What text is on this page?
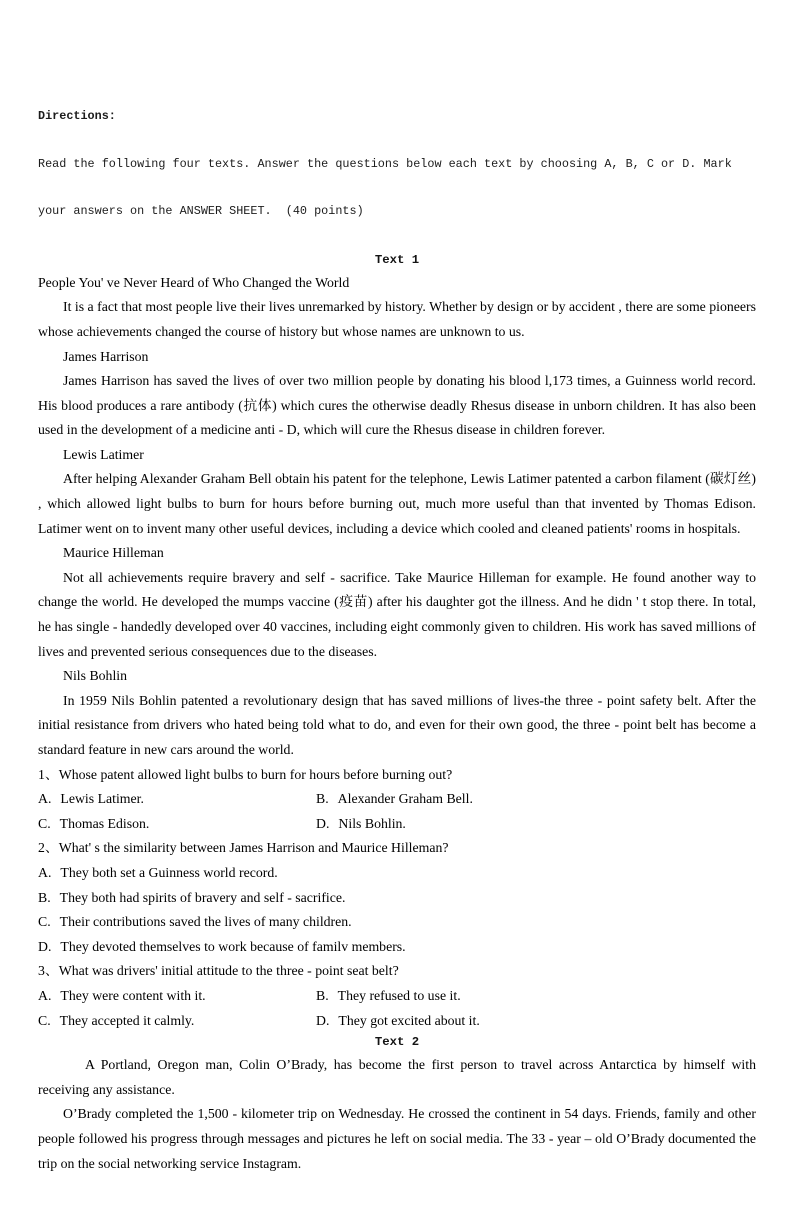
Directions:

Read the following four texts. Answer the questions below each text by choosing A, B, C or D. Mark

your answers on the ANSWER SHEET.  (40 points)

Text 1
People You' ve Never Heard of Who Changed the World
It is a fact that most people live their lives unremarked by history. Whether by design or by accident , there are some pioneers whose achievements changed the course of history but whose names are unknown to us.
James Harrison
James Harrison has saved the lives of over two million people by donating his blood l,173 times, a Guinness world record. His blood produces a rare antibody (抗体) which cures the otherwise deadly Rhesus disease in unborn children. It has also been used in the development of a medicine anti - D, which will cure the Rhesus disease in children forever.
Lewis Latimer
After helping Alexander Graham Bell obtain his patent for the telephone, Lewis Latimer patented a carbon filament (碳灯丝) , which allowed light bulbs to burn for hours before burning out, much more useful than that invented by Thomas Edison. Latimer went on to invent many other useful devices, including a device which cooled and cleaned patients' rooms in hospitals.
Maurice Hilleman
Not all achievements require bravery and self - sacrifice. Take Maurice Hilleman for example. He found another way to change the world. He developed the mumps vaccine (疫苗) after his daughter got the illness. And he didn ' t stop there. In total, he has single - handedly developed over 40 vaccines, including eight commonly given to children. His work has saved millions of lives and prevented serious consequences due to the diseases.
Nils Bohlin
In 1959 Nils Bohlin patented a revolutionary design that has saved millions of lives-the three - point safety belt. After the initial resistance from drivers who hated being told what to do, and even for their own good, the three - point belt has become a standard feature in new cars around the world.
1、Whose patent allowed light bulbs to burn for hours before burning out?
A. Lewis Latimer.	B. Alexander Graham Bell.
C. Thomas Edison.	D. Nils Bohlin.
2、What' s the similarity between James Harrison and Maurice Hilleman?
A. They both set a Guinness world record.
B. They both had spirits of bravery and self - sacrifice.
C. Their contributions saved the lives of many children.
D. They devoted themselves to work because of familv members.
3、What was drivers' initial attitude to the three - point seat belt?
A. They were content with it.	B. They refused to use it.
C. They accepted it calmly.	D. They got excited about it.
Text 2
A Portland, Oregon man, Colin O’Brady, has become the first person to travel across Antarctica by himself with receiving any assistance.
O’Brady completed the 1,500 - kilometer trip on Wednesday. He crossed the continent in 54 days. Friends, family and other people followed his progress through messages and pictures he left on social media. The 33 - year – old O’Brady documented the trip on the social networking service Instagram.
